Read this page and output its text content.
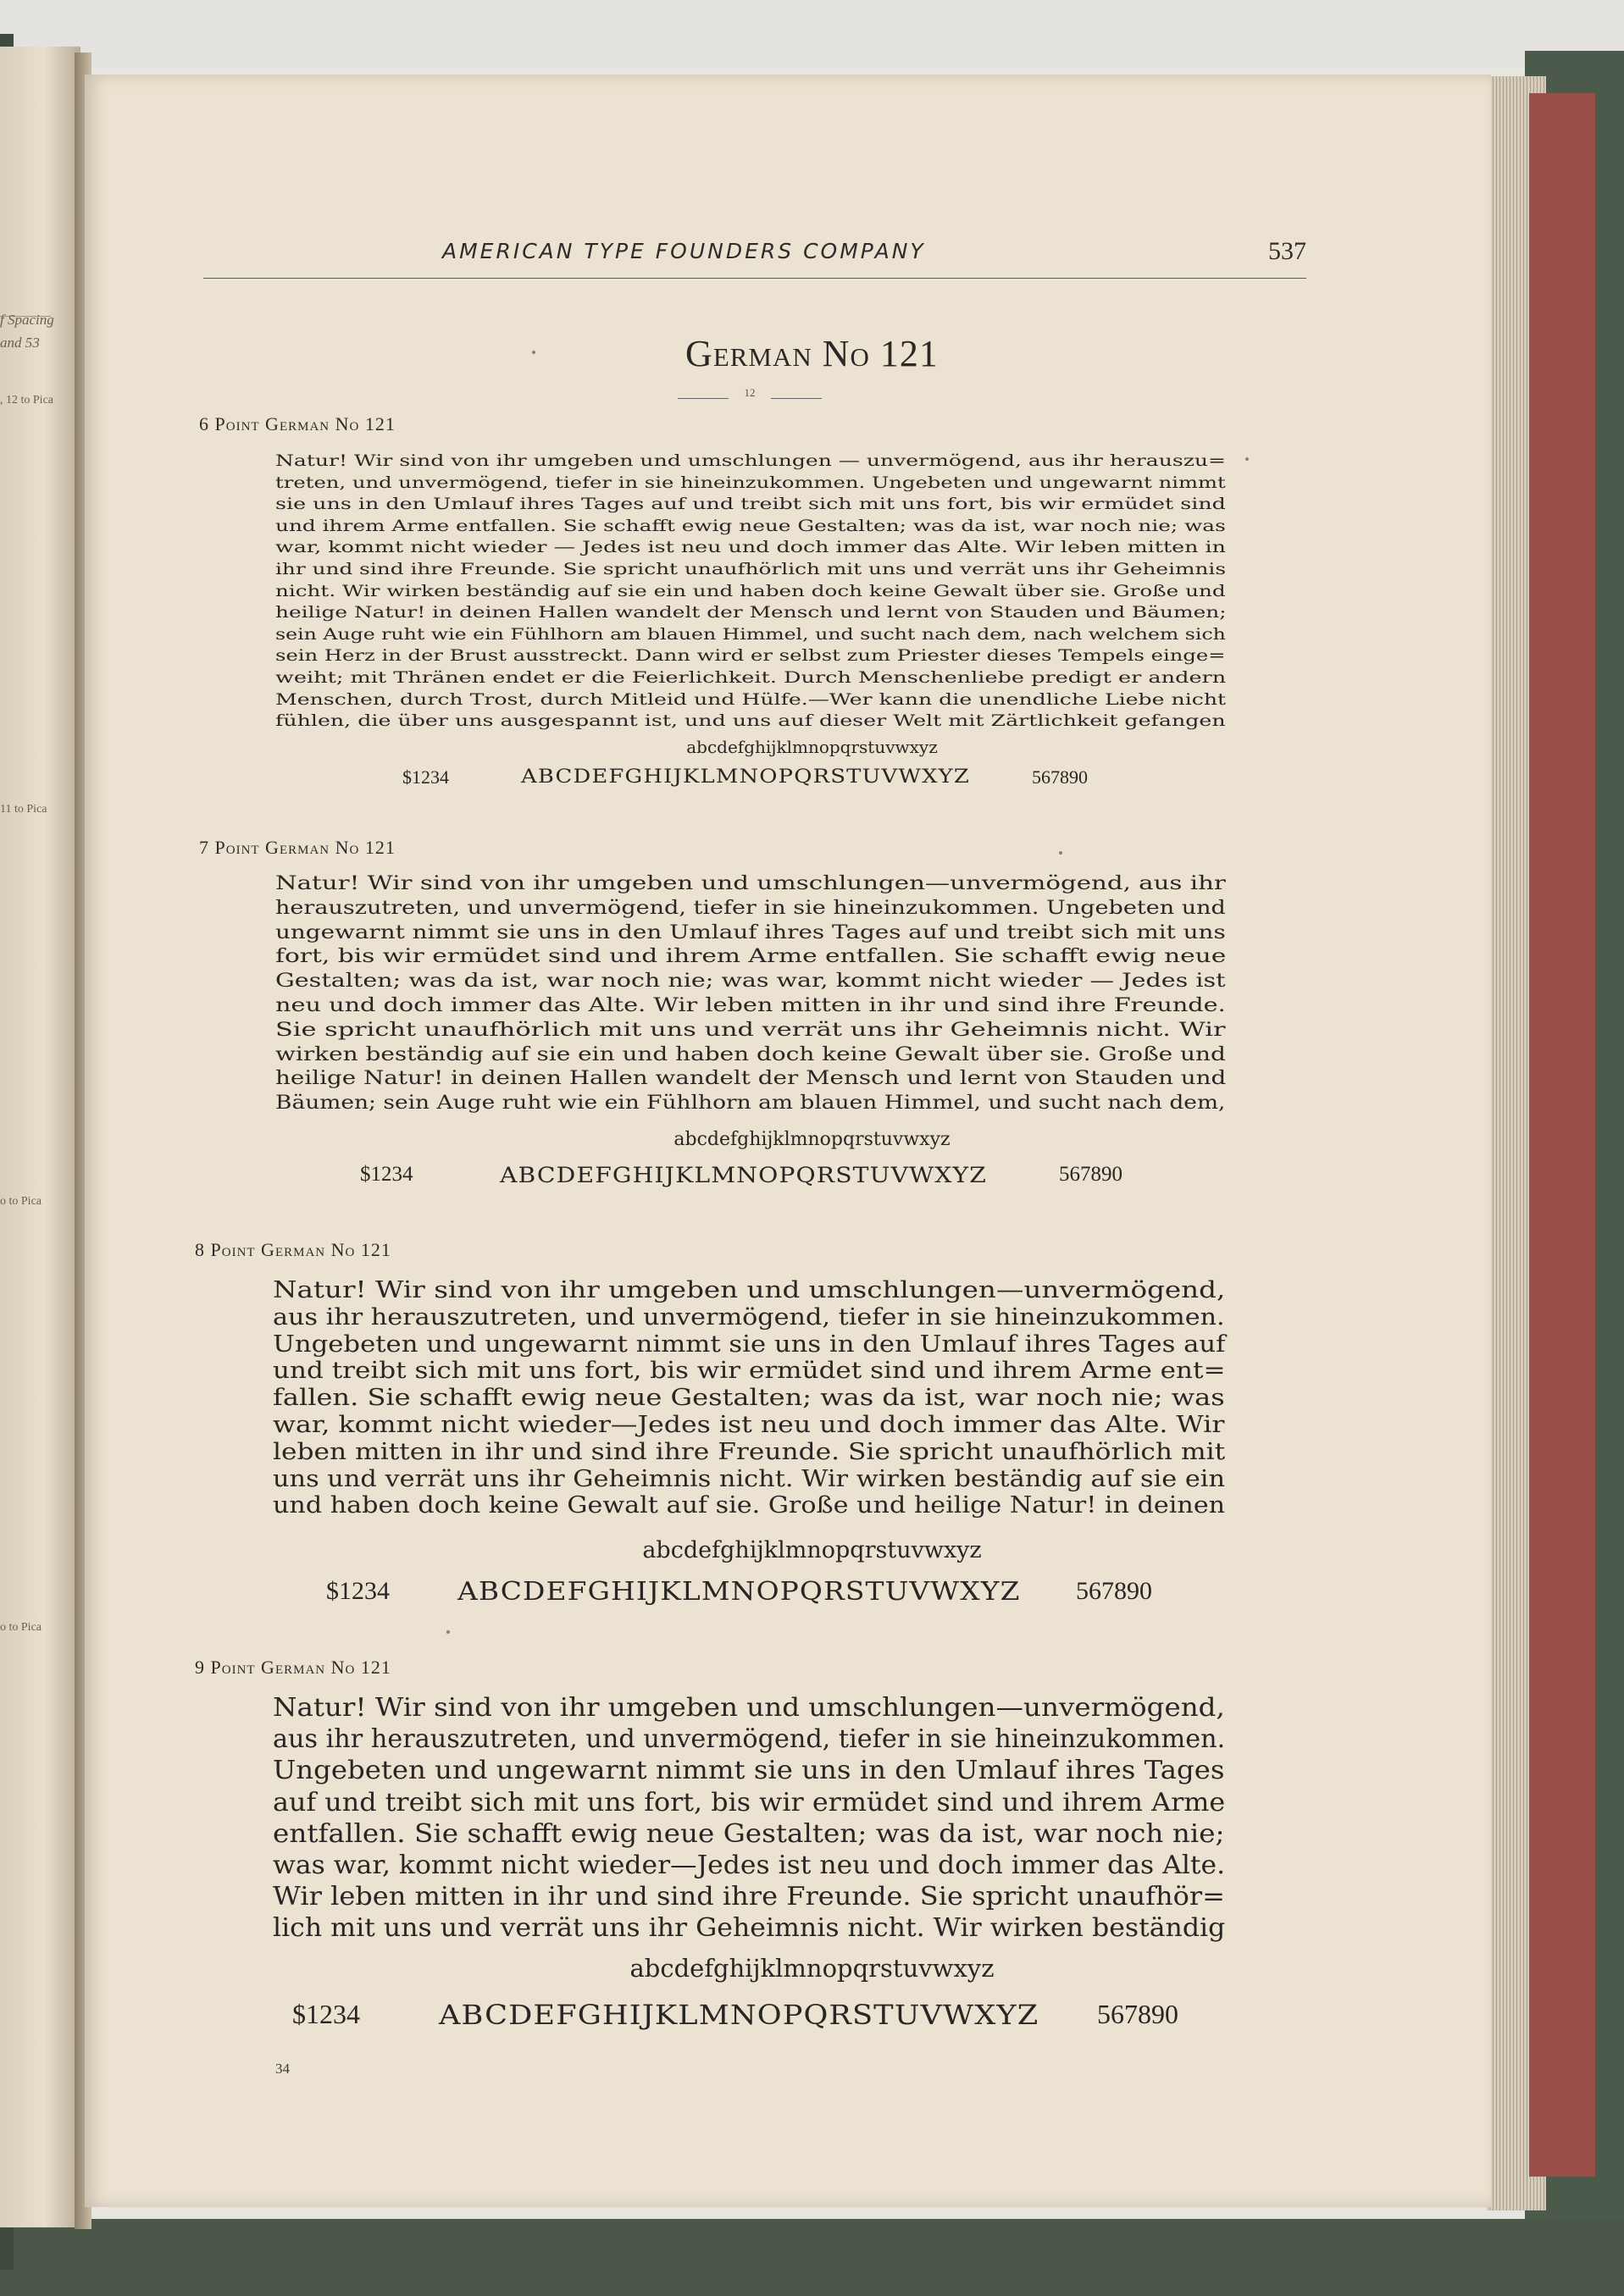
f Spacing
and 53
, 12 to Pica
11 to Pica
o to Pica
o to Pica
AMERICAN TYPE FOUNDERS COMPANY	537
German No 121
12
6 Point German No 121
Natur! Wir sind von ihr umgeben und umschlungen — unvermögend, aus ihr herauszu=
treten, und unvermögend, tiefer in sie hineinzukommen. Ungebeten und ungewarnt nimmt
sie uns in den Umlauf ihres Tages auf und treibt sich mit uns fort, bis wir ermüdet sind
und ihrem Arme entfallen. Sie schafft ewig neue Gestalten; was da ist, war noch nie; was
war, kommt nicht wieder — Jedes ist neu und doch immer das Alte. Wir leben mitten in
ihr und sind ihre Freunde. Sie spricht unaufhörlich mit uns und verrät uns ihr Geheimnis
nicht. Wir wirken beständig auf sie ein und haben doch keine Gewalt über sie. Große und
heilige Natur! in deinen Hallen wandelt der Mensch und lernt von Stauden und Bäumen;
sein Auge ruht wie ein Fühlhorn am blauen Himmel, und sucht nach dem, nach welchem sich
sein Herz in der Brust ausstreckt. Dann wird er selbst zum Priester dieses Tempels einge=
weiht; mit Thränen endet er die Feierlichkeit. Durch Menschenliebe predigt er andern
Menschen, durch Trost, durch Mitleid und Hülfe.—Wer kann die unendliche Liebe nicht
fühlen, die über uns ausgespannt ist, und uns auf dieser Welt mit Zärtlichkeit gefangen
abcdefghijklmnopqrstuvwxyz
$1234	ABCDEFGHIJKLMNOPQRSTUVWXYZ	567890
7 Point German No 121
Natur! Wir sind von ihr umgeben und umschlungen—unvermögend, aus ihr
herauszutreten, und unvermögend, tiefer in sie hineinzukommen. Ungebeten und
ungewarnt nimmt sie uns in den Umlauf ihres Tages auf und treibt sich mit uns
fort, bis wir ermüdet sind und ihrem Arme entfallen. Sie schafft ewig neue
Gestalten; was da ist, war noch nie; was war, kommt nicht wieder — Jedes ist
neu und doch immer das Alte. Wir leben mitten in ihr und sind ihre Freunde.
Sie spricht unaufhörlich mit uns und verrät uns ihr Geheimnis nicht. Wir
wirken beständig auf sie ein und haben doch keine Gewalt über sie. Große und
heilige Natur! in deinen Hallen wandelt der Mensch und lernt von Stauden und
Bäumen; sein Auge ruht wie ein Fühlhorn am blauen Himmel, und sucht nach dem,
abcdefghijklmnopqrstuvwxyz
$1234	ABCDEFGHIJKLMNOPQRSTUVWXYZ	567890
8 Point German No 121
Natur! Wir sind von ihr umgeben und umschlungen—unvermögend,
aus ihr herauszutreten, und unvermögend, tiefer in sie hineinzukommen.
Ungebeten und ungewarnt nimmt sie uns in den Umlauf ihres Tages auf
und treibt sich mit uns fort, bis wir ermüdet sind und ihrem Arme ent=
fallen. Sie schafft ewig neue Gestalten; was da ist, war noch nie; was
war, kommt nicht wieder—Jedes ist neu und doch immer das Alte. Wir
leben mitten in ihr und sind ihre Freunde. Sie spricht unaufhörlich mit
uns und verrät uns ihr Geheimnis nicht. Wir wirken beständig auf sie ein
und haben doch keine Gewalt auf sie. Große und heilige Natur! in deinen
abcdefghijklmnopqrstuvwxyz
$1234	ABCDEFGHIJKLMNOPQRSTUVWXYZ 567890
9 Point German No 121
Natur! Wir sind von ihr umgeben und umschlungen—unvermögend,
aus ihr herauszutreten, und unvermögend, tiefer in sie hineinzukommen.
Ungebeten und ungewarnt nimmt sie uns in den Umlauf ihres Tages
auf und treibt sich mit uns fort, bis wir ermüdet sind und ihrem Arme
entfallen. Sie schafft ewig neue Gestalten; was da ist, war noch nie;
was war, kommt nicht wieder—Jedes ist neu und doch immer das Alte.
Wir leben mitten in ihr und sind ihre Freunde. Sie spricht unaufhör=
lich mit uns und verrät uns ihr Geheimnis nicht. Wir wirken beständig
abcdefghijklmnopqrstuvwxyz
$1234	ABCDEFGHIJKLMNOPQRSTUVWXYZ 567890
34
